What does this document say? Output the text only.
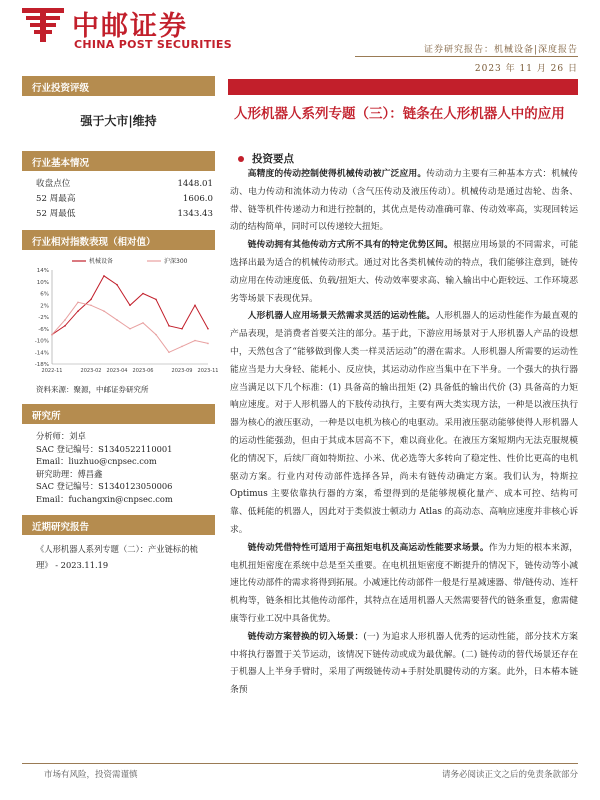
中邮证券
CHINA POST SECURITIES	证券研究报告：机械设备|深度报告
2023 年 11 月 26 日
行业投资评级
强于大市|维持
行业基本情况
收盘点位	1448.01
52 周最高	1606.0
52 周最低	1343.43
行业相对指数表现（相对值）
14%
10%
6%
2%
-2%
-6%
-10%
-14%
-18%
2022-11	2023-02 2023-04 2023-06	2023-09 2023-11
机械设备	沪深300
资料来源：聚源，中邮证券研究所
研究所
分析师：刘卓
SAC 登记编号：S1340522110001
Email：liuzhuo@cnpsec.com
研究助理：傅昌鑫
SAC 登记编号：S1340123050006
Email：fuchangxin@cnpsec.com
近期研究报告
《人形机器人系列专题（二）：产业链标的梳理》 - 2023.11.19
人形机器人系列专题（三）：链条在人形机器人中的应用
投资要点

高精度的传动控制使得机械传动被广泛应用。传动动力主要有三种基本方式：机械传动、电力传动和流体动力传动（含气压传动及液压传动）。机械传动是通过齿轮、齿条、带、链等机件传递动力和进行控制的，其优点是传动准确可靠、传动效率高，实现回转运动的结构简单，同时可以传递较大扭矩。

链传动拥有其他传动方式所不具有的特定优势区间。根据应用场景的不同需求，可能选择出最为适合的机械传动形式。通过对比各类机械传动的特点，我们能够注意到，链传动应用在传动速度低、负载/扭矩大、传动效率要求高、输入输出中心距较远、工作环境恶劣等场景下表现优异。

人形机器人应用场景天然需求灵活的运动性能。人形机器人的运动性能作为最直观的产品表现，是消费者首要关注的部分。基于此，下游应用场景对于人形机器人产品的设想中，天然包含了“能够做到像人类一样灵活运动”的潜在需求。人形机器人所需要的运动性能应当是力大身轻、能耗小、反应快，其运动动作应当集中在下半身。一个强大的执行器应当满足以下几个标准：(1) 具备高的输出扭矩 (2) 具备低的输出代价 (3) 具备高的力矩响应速度。对于人形机器人的下肢传动执行，主要有两大类实现方法，一种是以液压执行器为核心的液压驱动，一种是以电机为核心的电驱动。采用液压驱动能够使得人形机器人的运动性能强劲，但由于其成本居高不下，难以商业化。在液压方案短期内无法克服规模化的情况下，后续厂商如特斯拉、小米、优必选等大多转向了稳定性、性价比更高的电机驱动方案。行业内对传动部件选择各异，尚未有链传动确定方案。我们认为，特斯拉 Optimus 主要依靠执行器的方案，希望得到的是能够规模化量产、成本可控、结构可靠、低耗能的机器人，因此对于类似波士顿动力 Atlas 的高动态、高响应速度并非核心诉求。

链传动凭借特性可适用于高扭矩电机及高运动性能要求场景。作为力矩的根本来源，电机扭矩密度在系统中总是至关重要。在电机扭矩密度不断提升的情况下，链传动等小减速比传动部件的需求将得到拓展。小减速比传动部件一般是行星减速器、带/链传动、连杆机构等，链条相比其他传动部件，其特点在适用机器人天然需要替代的链条重复，愈需健康等行业工况中具备优势。

链传动方案替换的切入场景：(一) 为追求人形机器人优秀的运动性能，部分技术方案中将执行器置于关节运动，该情况下链传动或成为最优解。(二) 链传动的替代场景还存在于机器人上半身手臂时，采用了两级链传动+手肘处肌腱传动的方案。此外，日本椿本链条预

市场有风险，投资需谨慎	请务必阅读正文之后的免责条款部分
